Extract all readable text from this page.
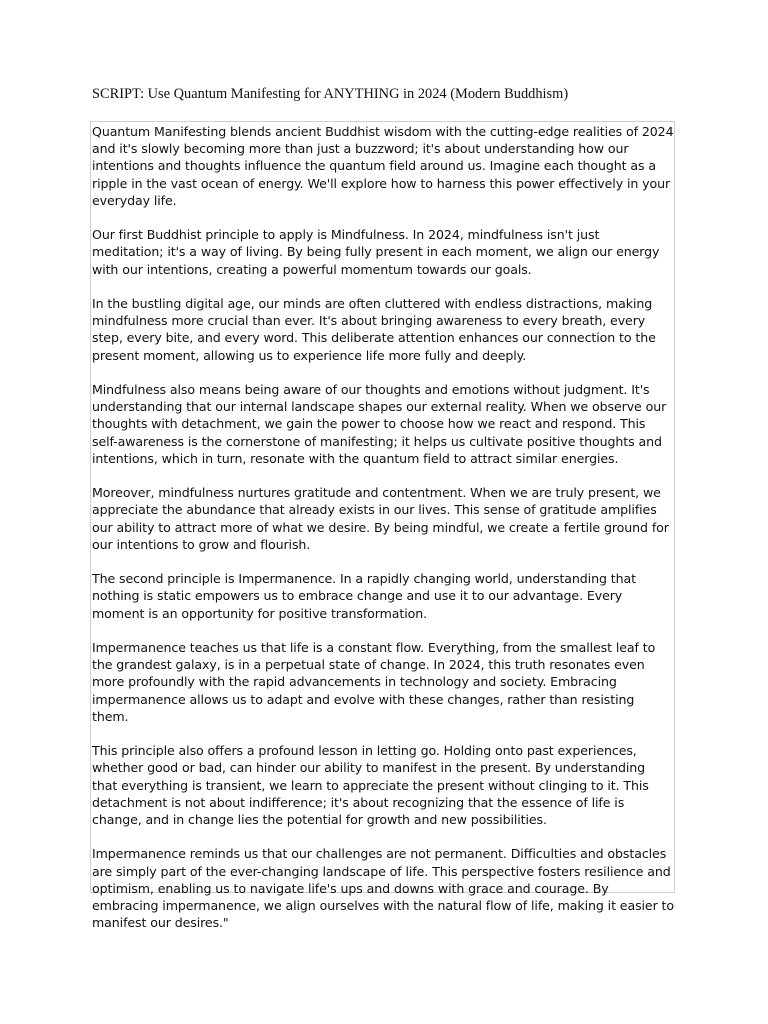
SCRIPT: Use Quantum Manifesting for ANYTHING in 2024 (Modern Buddhism)

Quantum Manifesting blends ancient Buddhist wisdom with the cutting-edge realities of 2024 and it's slowly becoming more than just a buzzword; it's about understanding how our intentions and thoughts influence the quantum field around us. Imagine each thought as a ripple in the vast ocean of energy. We'll explore how to harness this power effectively in your everyday life.

Our first Buddhist principle to apply is Mindfulness. In 2024, mindfulness isn't just meditation; it's a way of living. By being fully present in each moment, we align our energy with our intentions, creating a powerful momentum towards our goals.

In the bustling digital age, our minds are often cluttered with endless distractions, making mindfulness more crucial than ever. It's about bringing awareness to every breath, every step, every bite, and every word. This deliberate attention enhances our connection to the present moment, allowing us to experience life more fully and deeply.

Mindfulness also means being aware of our thoughts and emotions without judgment. It's understanding that our internal landscape shapes our external reality. When we observe our thoughts with detachment, we gain the power to choose how we react and respond. This self-awareness is the cornerstone of manifesting; it helps us cultivate positive thoughts and intentions, which in turn, resonate with the quantum field to attract similar energies.

Moreover, mindfulness nurtures gratitude and contentment. When we are truly present, we appreciate the abundance that already exists in our lives. This sense of gratitude amplifies our ability to attract more of what we desire. By being mindful, we create a fertile ground for our intentions to grow and flourish.

The second principle is Impermanence. In a rapidly changing world, understanding that nothing is static empowers us to embrace change and use it to our advantage. Every moment is an opportunity for positive transformation.

Impermanence teaches us that life is a constant flow. Everything, from the smallest leaf to the grandest galaxy, is in a perpetual state of change. In 2024, this truth resonates even more profoundly with the rapid advancements in technology and society. Embracing impermanence allows us to adapt and evolve with these changes, rather than resisting them.

This principle also offers a profound lesson in letting go. Holding onto past experiences, whether good or bad, can hinder our ability to manifest in the present. By understanding that everything is transient, we learn to appreciate the present without clinging to it. This detachment is not about indifference; it's about recognizing that the essence of life is change, and in change lies the potential for growth and new possibilities.

Impermanence reminds us that our challenges are not permanent. Difficulties and obstacles are simply part of the ever-changing landscape of life. This perspective fosters resilience and optimism, enabling us to navigate life's ups and downs with grace and courage. By embracing impermanence, we align ourselves with the natural flow of life, making it easier to manifest our desires."
